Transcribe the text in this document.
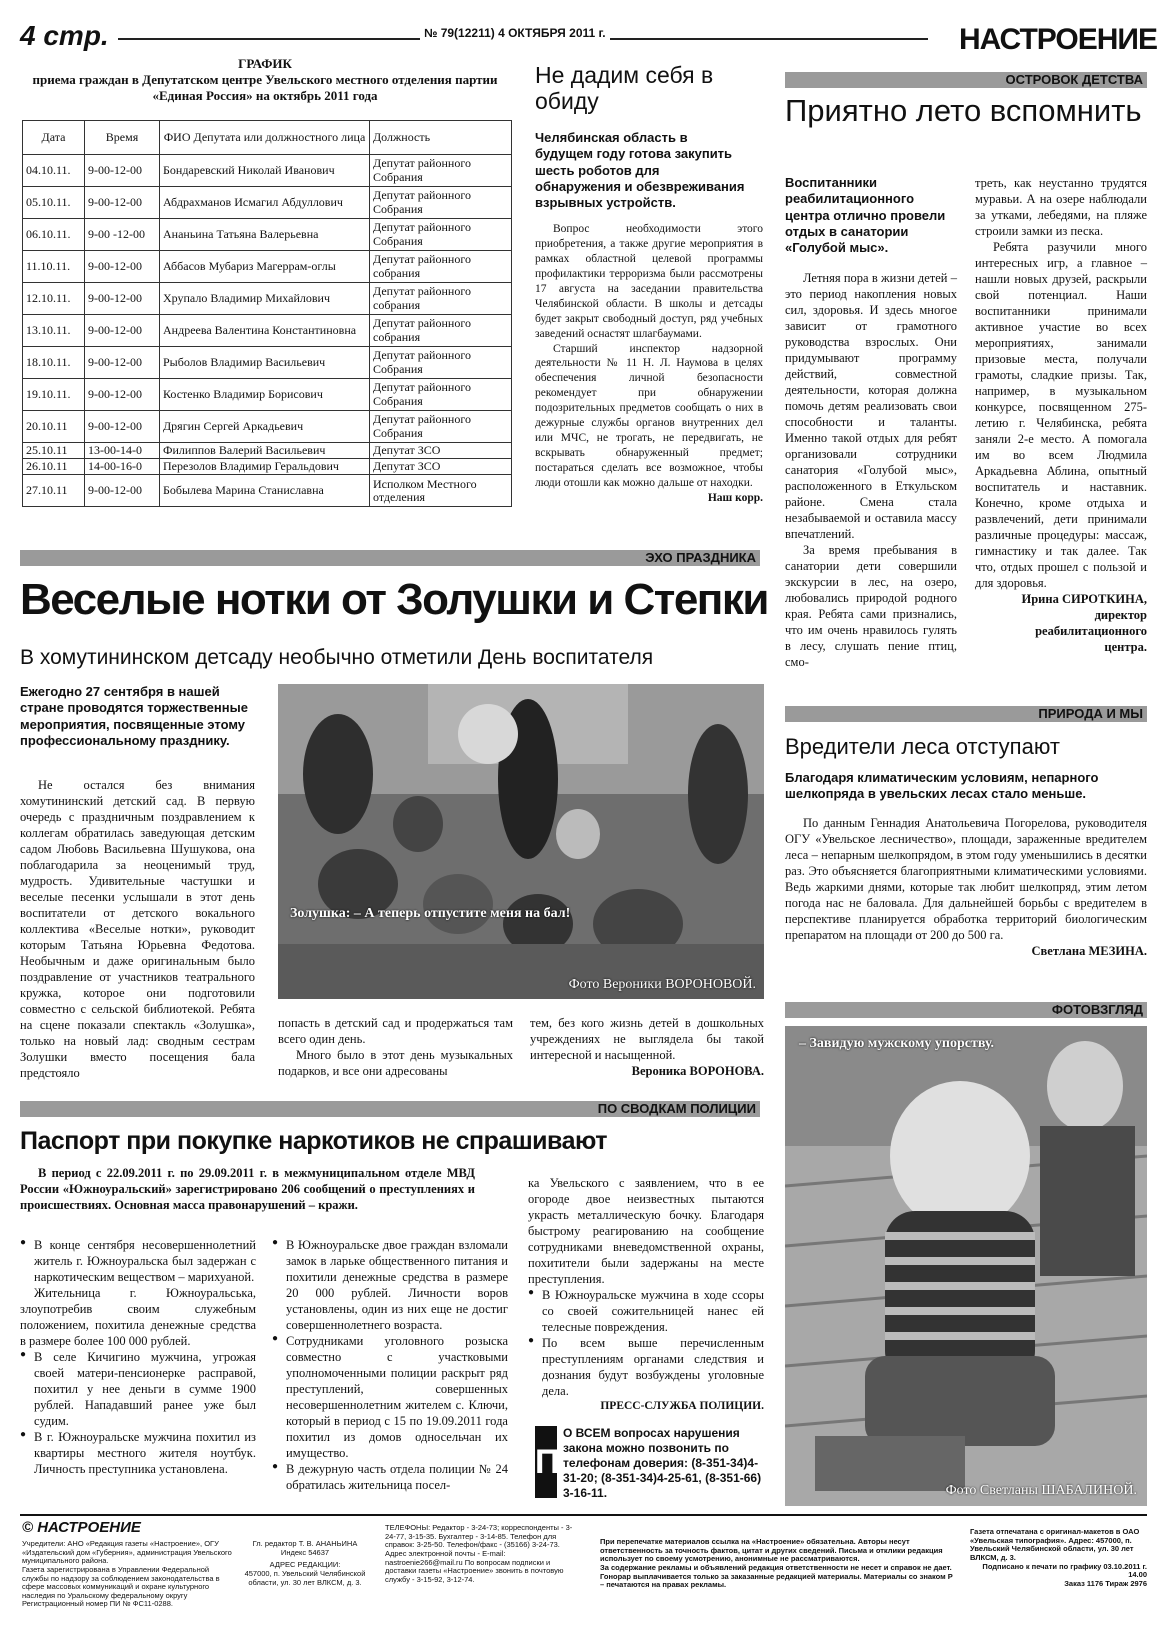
4 стр.	№ 79(12211) 4 ОКТЯБРЯ 2011 г.	НАСТРОЕНИЕ
ГРАФИК
приема граждан в Депутатском центре Увельского местного отделения партии «Единая Россия» на октябрь 2011 года
Дата	Время	ФИО Депутата или должностного лица	Должность
04.10.11.	9-00-12-00	Бондаревский Николай Иванович	Депутат районного Собрания
05.10.11.	9-00-12-00	Абдрахманов Исмагил Абдуллович	Депутат районного Собрания
06.10.11.	9-00 -12-00	Ананьина Татьяна Валерьевна	Депутат районного Собрания
11.10.11.	9-00-12-00	Аббасов Мубариз Магеррам-оглы	Депутат районного собрания
12.10.11.	9-00-12-00	Хрупало Владимир Михайлович	Депутат районного собрания
13.10.11.	9-00-12-00	Андреева Валентина Константиновна	Депутат районного собрания
18.10.11.	9-00-12-00	Рыболов Владимир Васильевич	Депутат районного Собрания
19.10.11.	9-00-12-00	Костенко Владимир Борисович	Депутат районного Собрания
20.10.11	9-00-12-00	Дрягин Сергей Аркадьевич	Депутат районного Собрания
25.10.11	13-00-14-0	Филиппов Валерий Васильевич	Депутат ЗСО
26.10.11	14-00-16-0	Перезолов Владимир Геральдович	Депутат ЗСО
27.10.11	9-00-12-00	Бобылева Марина Станиславна	Исполком Местного отделения
Не дадим себя в обиду
Челябинская область в будущем году готова закупить шесть роботов для обнаружения и обезвреживания взрывных устройств.

Вопрос необходимости этого приобретения, а также другие мероприятия в рамках областной целевой программы профилактики терроризма были рассмотрены 17 августа на заседании правительства Челябинской области. В школы и детсады будет закрыт свободный доступ, ряд учебных заведений оснастят шлагбаумами.

Старший инспектор надзорной деятельности № 11 Н. Л. Наумова в целях обеспечения личной безопасности рекомендует при обнаружении подозрительных предметов сообщать о них в дежурные службы органов внутренних дел или МЧС, не трогать, не передвигать, не вскрывать обнаруженный предмет; постараться сделать все возможное, чтобы люди отошли как можно дальше от находки.

Наш корр.
ОСТРОВОК ДЕТСТВА
Приятно лето вспомнить
Воспитанники реабилитационного центра отлично провели отдых в санатории «Голубой мыс».

Летняя пора в жизни детей – это период накопления новых сил, здоровья. И здесь многое зависит от грамотного руководства взрослых. Они придумывают программу действий, совместной деятельности, которая должна помочь детям реализовать свои способности и таланты. Именно такой отдых для ребят организовали сотрудники санатория «Голубой мыс», расположенного в Еткульском районе. Смена стала незабываемой и оставила массу впечатлений.

За время пребывания в санатории дети совершили экскурсии в лес, на озеро, любовались природой родного края. Ребята сами признались, что им очень нравилось гулять в лесу, слушать пение птиц, смо-

треть, как неустанно трудятся муравьи. А на озере наблюдали за утками, лебедями, на пляже строили замки из песка.

Ребята разучили много интересных игр, а главное – нашли новых друзей, раскрыли свой потенциал. Наши воспитанники принимали активное участие во всех мероприятиях, занимали призовые места, получали грамоты, сладкие призы. Так, например, в музыкальном конкурсе, посвященном 275-летию г. Челябинска, ребята заняли 2-е место. А помогала им во всем Людмила Аркадьевна Аблина, опытный воспитатель и наставник. Конечно, кроме отдыха и развлечений, дети принимали различные процедуры: массаж, гимнастику и так далее. Так что, отдых прошел с пользой и для здоровья.

Ирина СИРОТКИНА,
директор реабилитационного центра.
ЭХО ПРАЗДНИКА
Веселые нотки от Золушки и Степки
В хомутининском детсаду необычно отметили День воспитателя
Ежегодно 27 сентября в нашей стране проводятся торжественные мероприятия, посвященные этому профессиональному празднику.

Не остался без внимания хомутининский детский сад. В первую очередь с праздничным поздравлением к коллегам обратилась заведующая детским садом Любовь Васильевна Шушукова, она поблагодарила за неоценимый труд, мудрость. Удивительные частушки и веселые песенки услышали в этот день воспитатели от детского вокального коллектива «Веселые нотки», руководит которым Татьяна Юрьевна Федотова. Необычным и даже оригинальным было поздравление от участников театрального кружка, которое они подготовили совместно с сельской библиотекой. Ребята на сцене показали спектакль «Золушка», только на новый лад: сводным сестрам Золушки вместо посещения бала предстояло

Золушка: – А теперь отпустите меня на бал!
Фото Вероники ВОРОНОВОЙ.

попасть в детский сад и продержаться там всего один день.

Много было в этот день музыкальных подарков, и все они адресованы

тем, без кого жизнь детей в дошкольных учреждениях не выглядела бы такой интересной и насыщенной.

Вероника ВОРОНОВА.
ПРИРОДА И МЫ
Вредители леса отступают
Благодаря климатическим условиям, непарного шелкопряда в увельских лесах стало меньше.

По данным Геннадия Анатольевича Погорелова, руководителя ОГУ «Увельское лесничество», площади, зараженные вредителем леса – непарным шелкопрядом, в этом году уменьшились в десятки раз. Это объясняется благоприятными климатическими условиями. Ведь жаркими днями, которые так любит шелкопряд, этим летом погода нас не баловала. Для дальнейшей борьбы с вредителем в перспективе планируется обработка территорий биологическим препаратом на площади от 200 до 500 га.

Светлана МЕЗИНА.
ФОТОВЗГЛЯД
– Завидую мужскому упорству.
Фото Светланы ШАБАЛИНОЙ.
ПО СВОДКАМ ПОЛИЦИИ
Паспорт при покупке наркотиков не спрашивают
В период с 22.09.2011 г. по 29.09.2011 г. в межмуниципальном отделе МВД России «Южноуральский» зарегистрировано 206 сообщений о преступлениях и происшествиях. Основная масса правонарушений – кражи.

● В конце сентября несовершеннолетний житель г. Южноуральска был задержан с наркотическим веществом – марихуаной.

Жительница г. Южноуральська, злоупотребив своим служебным положением, похитила денежные средства в размере более 100 000 рублей.

● В селе Кичигино мужчина, угрожая своей матери-пенсионерке расправой, похитил у нее деньги в сумме 1900 рублей. Нападавший ранее уже был судим.

● В г. Южноуральске мужчина похитил из квартиры местного жителя ноутбук. Личность преступника установлена.

● В Южноуральске двое граждан взломали замок в ларьке общественного питания и похитили денежные средства в размере 20 000 рублей. Личности воров установлены, один из них еще не достиг совершеннолетнего возраста.

● Сотрудниками уголовного розыска совместно с участковыми уполномоченными полиции раскрыт ряд преступлений, совершенных несовершеннолетним жителем с. Ключи, который в период с 15 по 19.09.2011 года похитил из домов односельчан их имущество.

● В дежурную часть отдела полиции № 24 обратилась жительница посел-

ка Увельского с заявлением, что в ее огороде двое неизвестных пытаются украсть металлическую бочку. Благодаря быстрому реагированию на сообщение сотрудниками вневедомственной охраны, похитители были задержаны на месте преступления.

● В Южноуральске мужчина в ходе ссоры со своей сожительницей нанес ей телесные повреждения.

● По всем выше перечисленным преступлениям органами следствия и дознания будут возбуждены уголовные дела.

ПРЕСС-СЛУЖБА ПОЛИЦИИ.
П
О ВСЕМ вопросах нарушения закона можно позвонить по телефонам доверия: (8-351-34)4-31-20; (8-351-34)4-25-61, (8-351-66) 3-16-11.
© НАСТРОЕНИЕ
Учредители: АНО «Редакция газеты «Настроение», ОГУ «Издательский дом «Губерния», администрация Увельского муниципального района.
Газета зарегистрирована в Управлении Федеральной службы по надзору за соблюдением законодательства в сфере массовых коммуникаций и охране культурного наследия по Уральскому федеральному округу
Регистрационный номер ПИ № ФС11-0288.
Гл. редактор Т. В. АНАНЬИНА
Индекс 54637
АДРЕС РЕДАКЦИИ:
457000, п. Увельский Челябинской области, ул. 30 лет ВЛКСМ, д. 3.
ТЕЛЕФОНЫ: Редактор - 3-24-73; корреспонденты - 3-24-77, 3-15-35. Бухгалтер - 3-14-85. Телефон для справок: 3-25-50. Телефон/факс - (35166) 3-24-73. Адрес электронной почты - E-mail: nastroenie266@mail.ru По вопросам подписки и доставки газеты «Настроение» звонить в почтовую службу - 3-15-92, 3-12-74.
При перепечатке материалов ссылка на «Настроение» обязательна. Авторы несут ответственность за точность фактов, цитат и других сведений. Письма и отклики редакция использует по своему усмотрению, анонимные не рассматриваются.
За содержание рекламы и объявлений редакция ответственности не несет и справок не дает.
Гонорар выплачивается только за заказанные редакцией материалы. Материалы со знаком Р – печатаются на правах рекламы.
Газета отпечатана с оригинал-макетов в ОАО «Увельская типография». Адрес: 457000, п. Увельский Челябинской области, ул. 30 лет ВЛКСМ, д. 3.
Подписано к печати по графику 03.10.2011 г. 14.00
Заказ 1176 Тираж 2976
